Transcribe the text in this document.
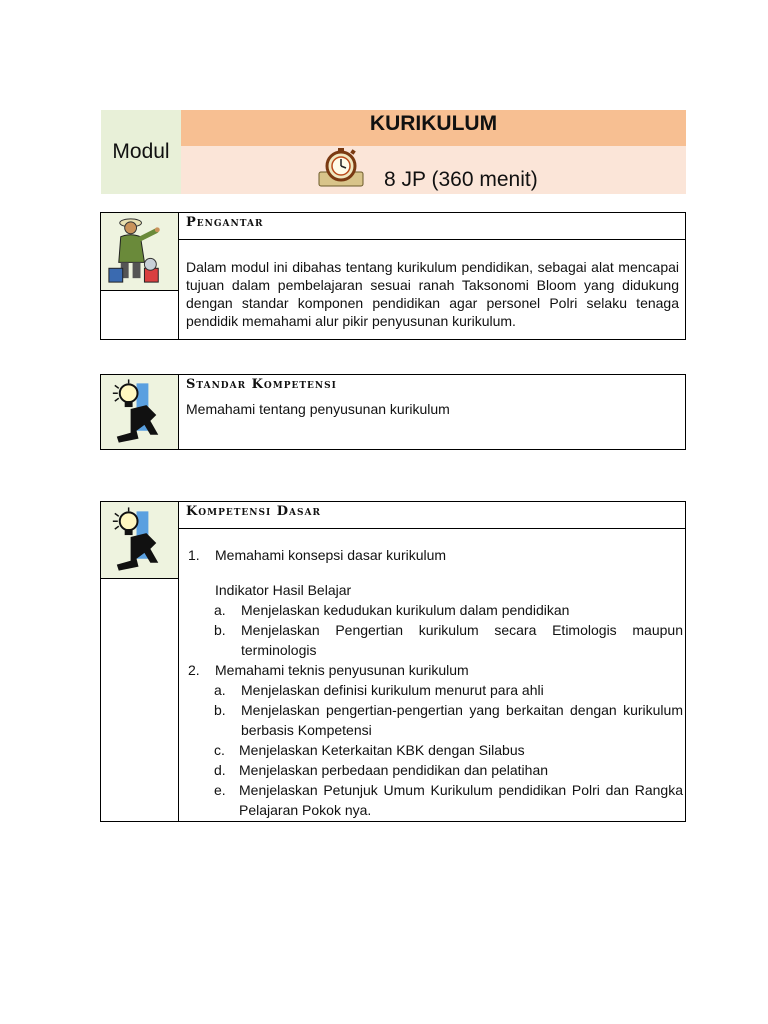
Modul
KURIKULUM
8 JP (360 menit)
Pengantar
Dalam modul ini dibahas tentang kurikulum pendidikan, sebagai alat mencapai tujuan dalam pembelajaran sesuai ranah Taksonomi Bloom yang didukung dengan standar komponen pendidikan agar personel Polri selaku tenaga pendidik memahami alur pikir penyusunan kurikulum.
Standar Kompetensi
Memahami tentang penyusunan kurikulum
Kompetensi Dasar
1. Memahami konsepsi dasar kurikulum
Indikator Hasil Belajar
a. Menjelaskan kedudukan kurikulum dalam pendidikan
b. Menjelaskan Pengertian kurikulum secara Etimologis maupun terminologis
2. Memahami teknis penyusunan kurikulum
a. Menjelaskan definisi kurikulum menurut para ahli
b. Menjelaskan pengertian-pengertian yang berkaitan dengan kurikulum berbasis Kompetensi
c. Menjelaskan Keterkaitan KBK dengan Silabus
d. Menjelaskan perbedaan pendidikan dan pelatihan
e. Menjelaskan Petunjuk Umum Kurikulum pendidikan Polri dan Rangka Pelajaran Pokok nya.
